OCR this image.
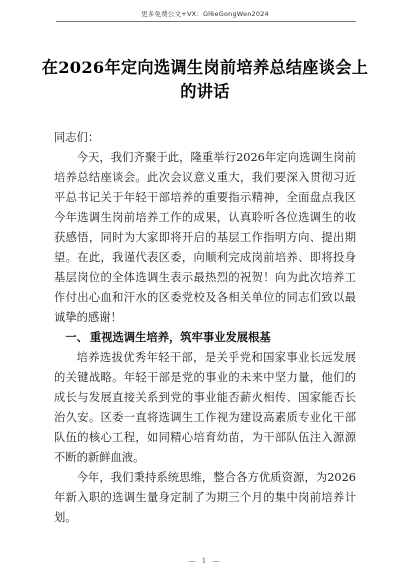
更多免费公文+VX：Gl6eGongWen2024
在2026年定向选调生岗前培养总结座谈会上的讲话

同志们：

今天，我们齐聚于此，隆重举行2026年定向选调生岗前培养总结座谈会。此次会议意义重大，我们要深入贯彻习近平总书记关于年轻干部培养的重要指示精神，全面盘点我区今年选调生岗前培养工作的成果，认真聆听各位选调生的收获感悟，同时为大家即将开启的基层工作指明方向、提出期望。在此，我谨代表区委，向顺利完成岗前培养、即将投身基层岗位的全体选调生表示最热烈的祝贺！向为此次培养工作付出心血和汗水的区委党校及各相关单位的同志们致以最诚挚的感谢！

一、 重视选调生培养，筑牢事业发展根基

培养选拔优秀年轻干部，是关乎党和国家事业长远发展的关键战略。年轻干部是党的事业的未来中坚力量，他们的成长与发展直接关系到党的事业能否薪火相传、国家能否长治久安。区委一直将选调生工作视为建设高素质专业化干部队伍的核心工程，如同精心培育幼苗，为干部队伍注入源源不断的新鲜血液。

今年，我们秉持系统思维，整合各方优质资源，为2026年新入职的选调生量身定制了为期三个月的集中岗前培养计划。

— 1 —
